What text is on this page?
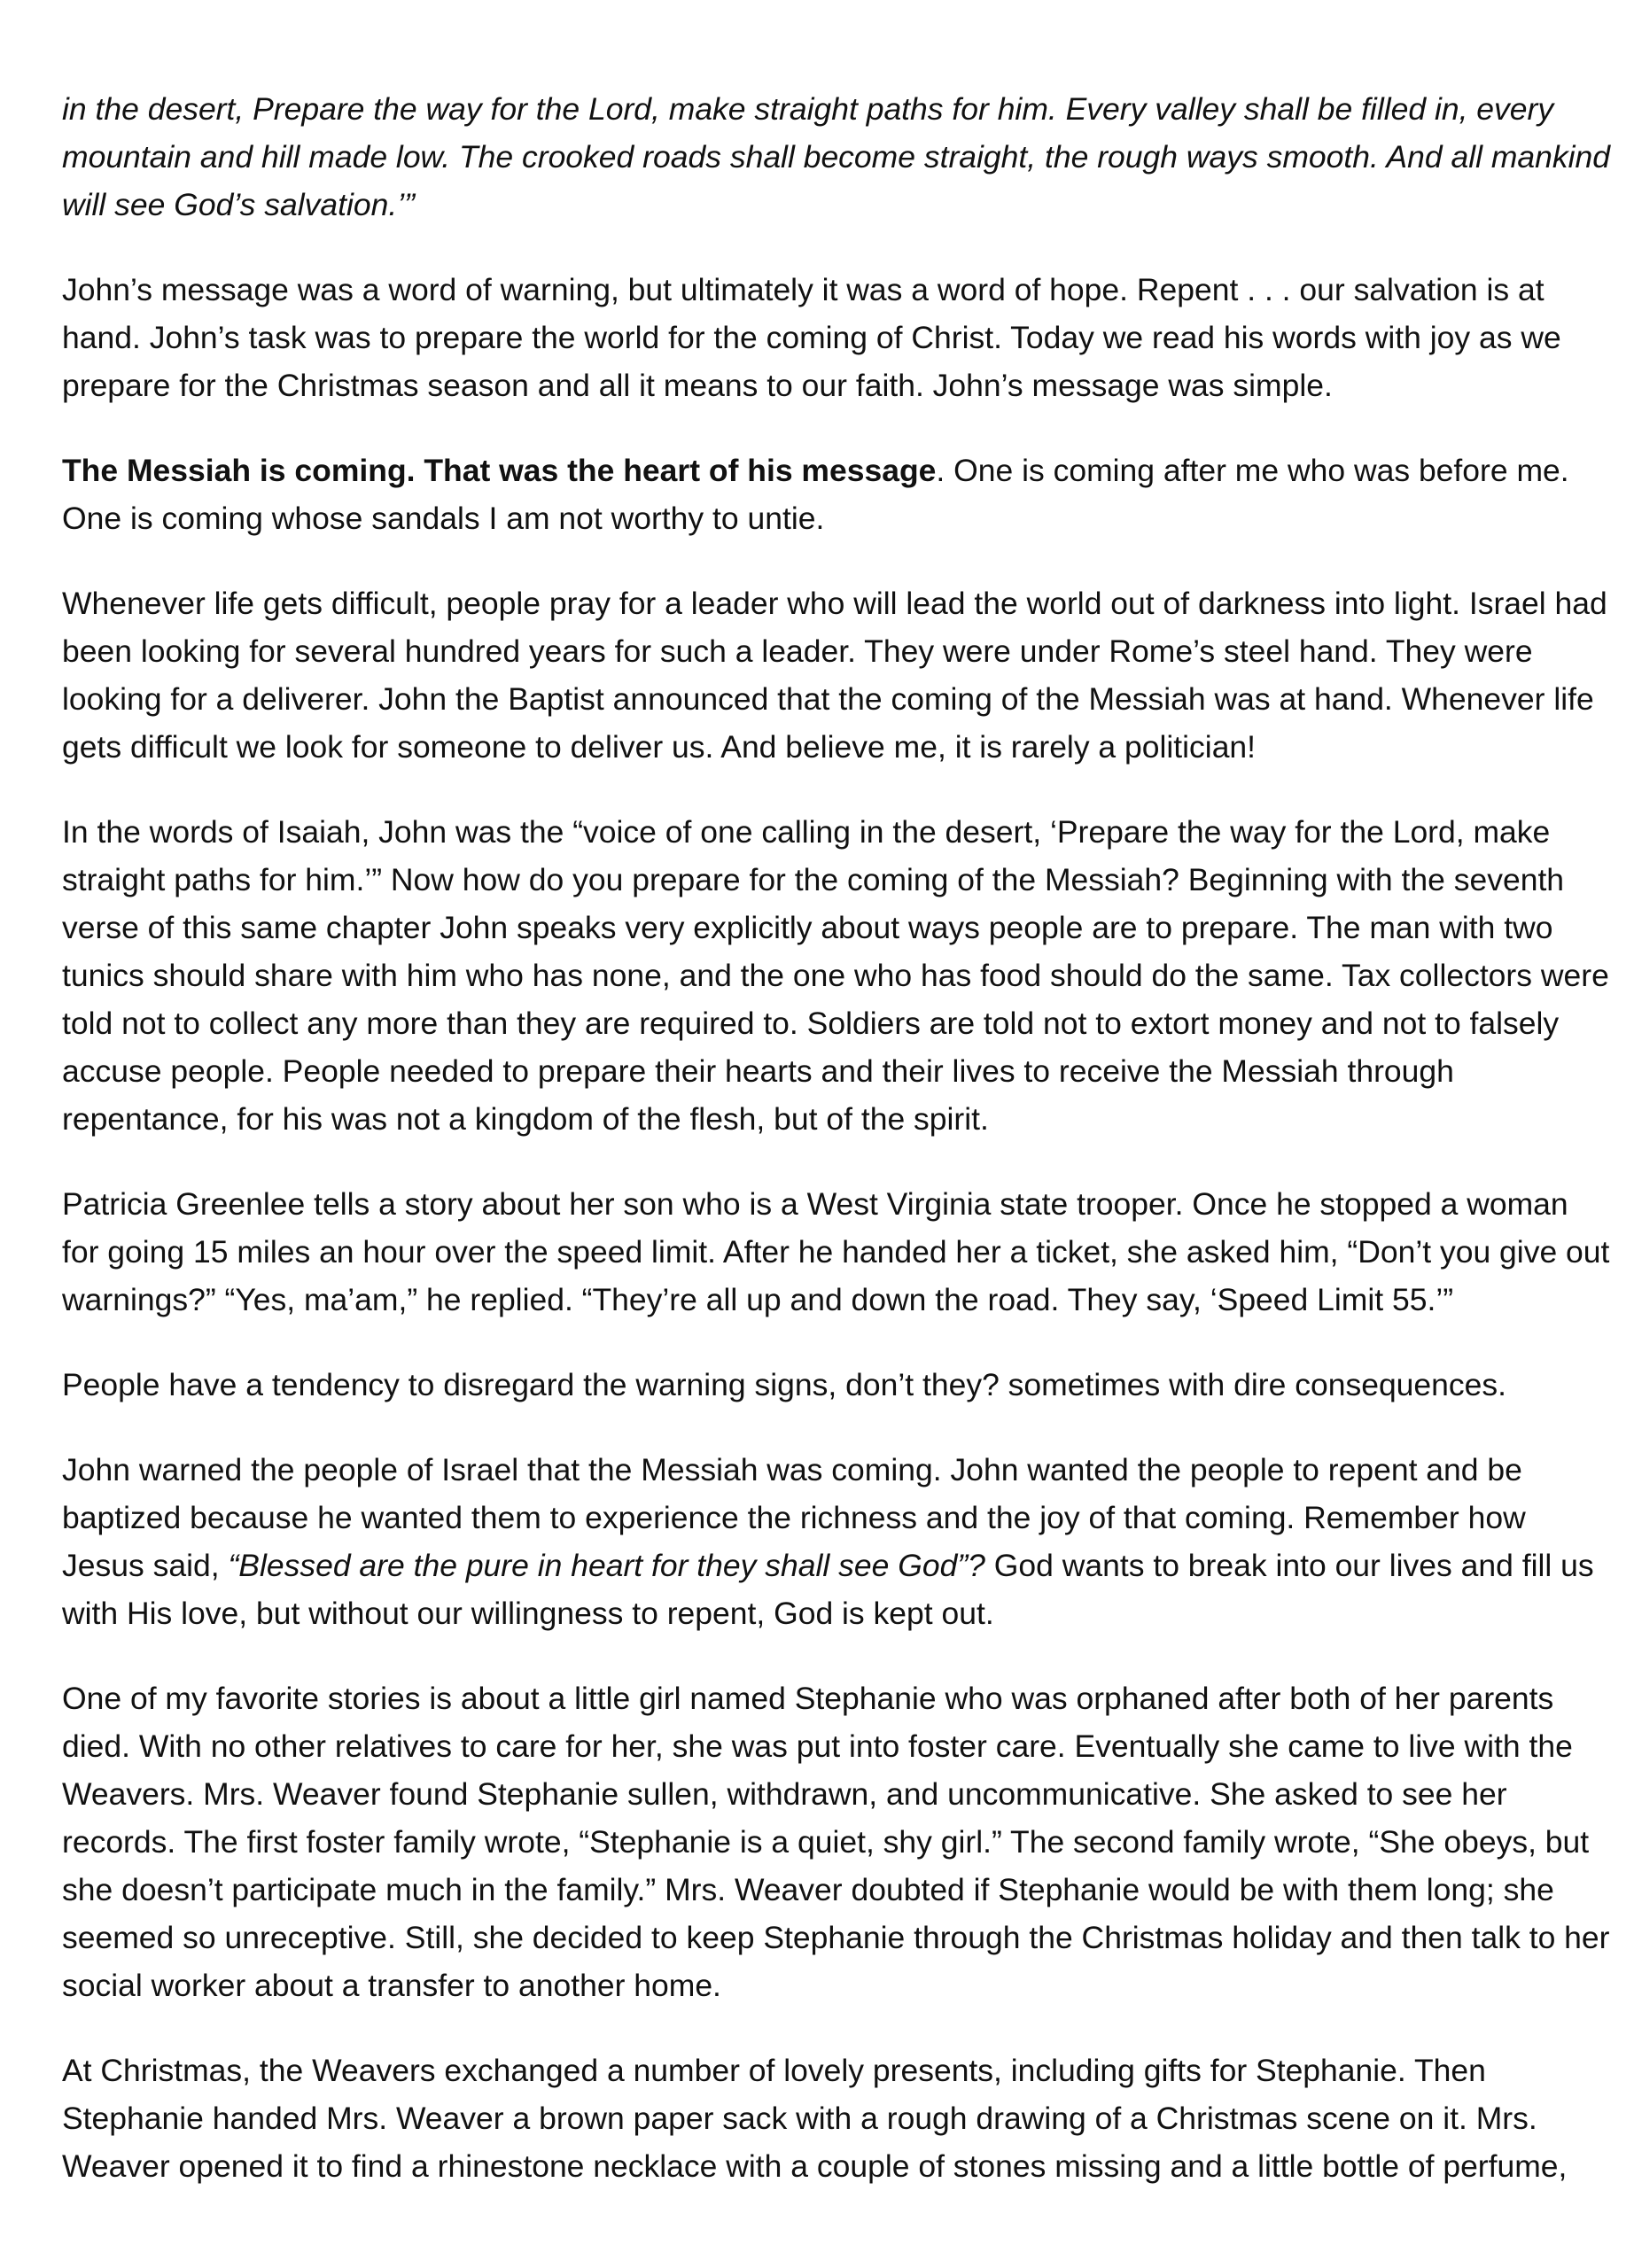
in the desert, Prepare the way for the Lord, make straight paths for him. Every valley shall be filled in, every mountain and hill made low. The crooked roads shall become straight, the rough ways smooth. And all mankind will see God’s salvation.’”

John’s message was a word of warning, but ultimately it was a word of hope. Repent . . . our salvation is at hand. John’s task was to prepare the world for the coming of Christ. Today we read his words with joy as we prepare for the Christmas season and all it means to our faith. John’s message was simple.

The Messiah is coming. That was the heart of his message. One is coming after me who was before me. One is coming whose sandals I am not worthy to untie.

Whenever life gets difficult, people pray for a leader who will lead the world out of darkness into light. Israel had been looking for several hundred years for such a leader. They were under Rome’s steel hand. They were looking for a deliverer. John the Baptist announced that the coming of the Messiah was at hand. Whenever life gets difficult we look for someone to deliver us. And believe me, it is rarely a politician!

In the words of Isaiah, John was the “voice of one calling in the desert, ‘Prepare the way for the Lord, make straight paths for him.’” Now how do you prepare for the coming of the Messiah? Beginning with the seventh verse of this same chapter John speaks very explicitly about ways people are to prepare. The man with two tunics should share with him who has none, and the one who has food should do the same. Tax collectors were told not to collect any more than they are required to. Soldiers are told not to extort money and not to falsely accuse people. People needed to prepare their hearts and their lives to receive the Messiah through repentance, for his was not a kingdom of the flesh, but of the spirit.

Patricia Greenlee tells a story about her son who is a West Virginia state trooper. Once he stopped a woman for going 15 miles an hour over the speed limit. After he handed her a ticket, she asked him, “Don’t you give out warnings?” “Yes, ma’am,” he replied. “They’re all up and down the road. They say, ‘Speed Limit 55.’”

People have a tendency to disregard the warning signs, don’t they? sometimes with dire consequences.

John warned the people of Israel that the Messiah was coming. John wanted the people to repent and be baptized because he wanted them to experience the richness and the joy of that coming. Remember how Jesus said, “Blessed are the pure in heart for they shall see God”? God wants to break into our lives and fill us with His love, but without our willingness to repent, God is kept out.

One of my favorite stories is about a little girl named Stephanie who was orphaned after both of her parents died. With no other relatives to care for her, she was put into foster care. Eventually she came to live with the Weavers. Mrs. Weaver found Stephanie sullen, withdrawn, and uncommunicative. She asked to see her records. The first foster family wrote, “Stephanie is a quiet, shy girl.” The second family wrote, “She obeys, but she doesn’t participate much in the family.” Mrs. Weaver doubted if Stephanie would be with them long; she seemed so unreceptive. Still, she decided to keep Stephanie through the Christmas holiday and then talk to her social worker about a transfer to another home.

At Christmas, the Weavers exchanged a number of lovely presents, including gifts for Stephanie. Then Stephanie handed Mrs. Weaver a brown paper sack with a rough drawing of a Christmas scene on it. Mrs. Weaver opened it to find a rhinestone necklace with a couple of stones missing and a little bottle of perfume,
